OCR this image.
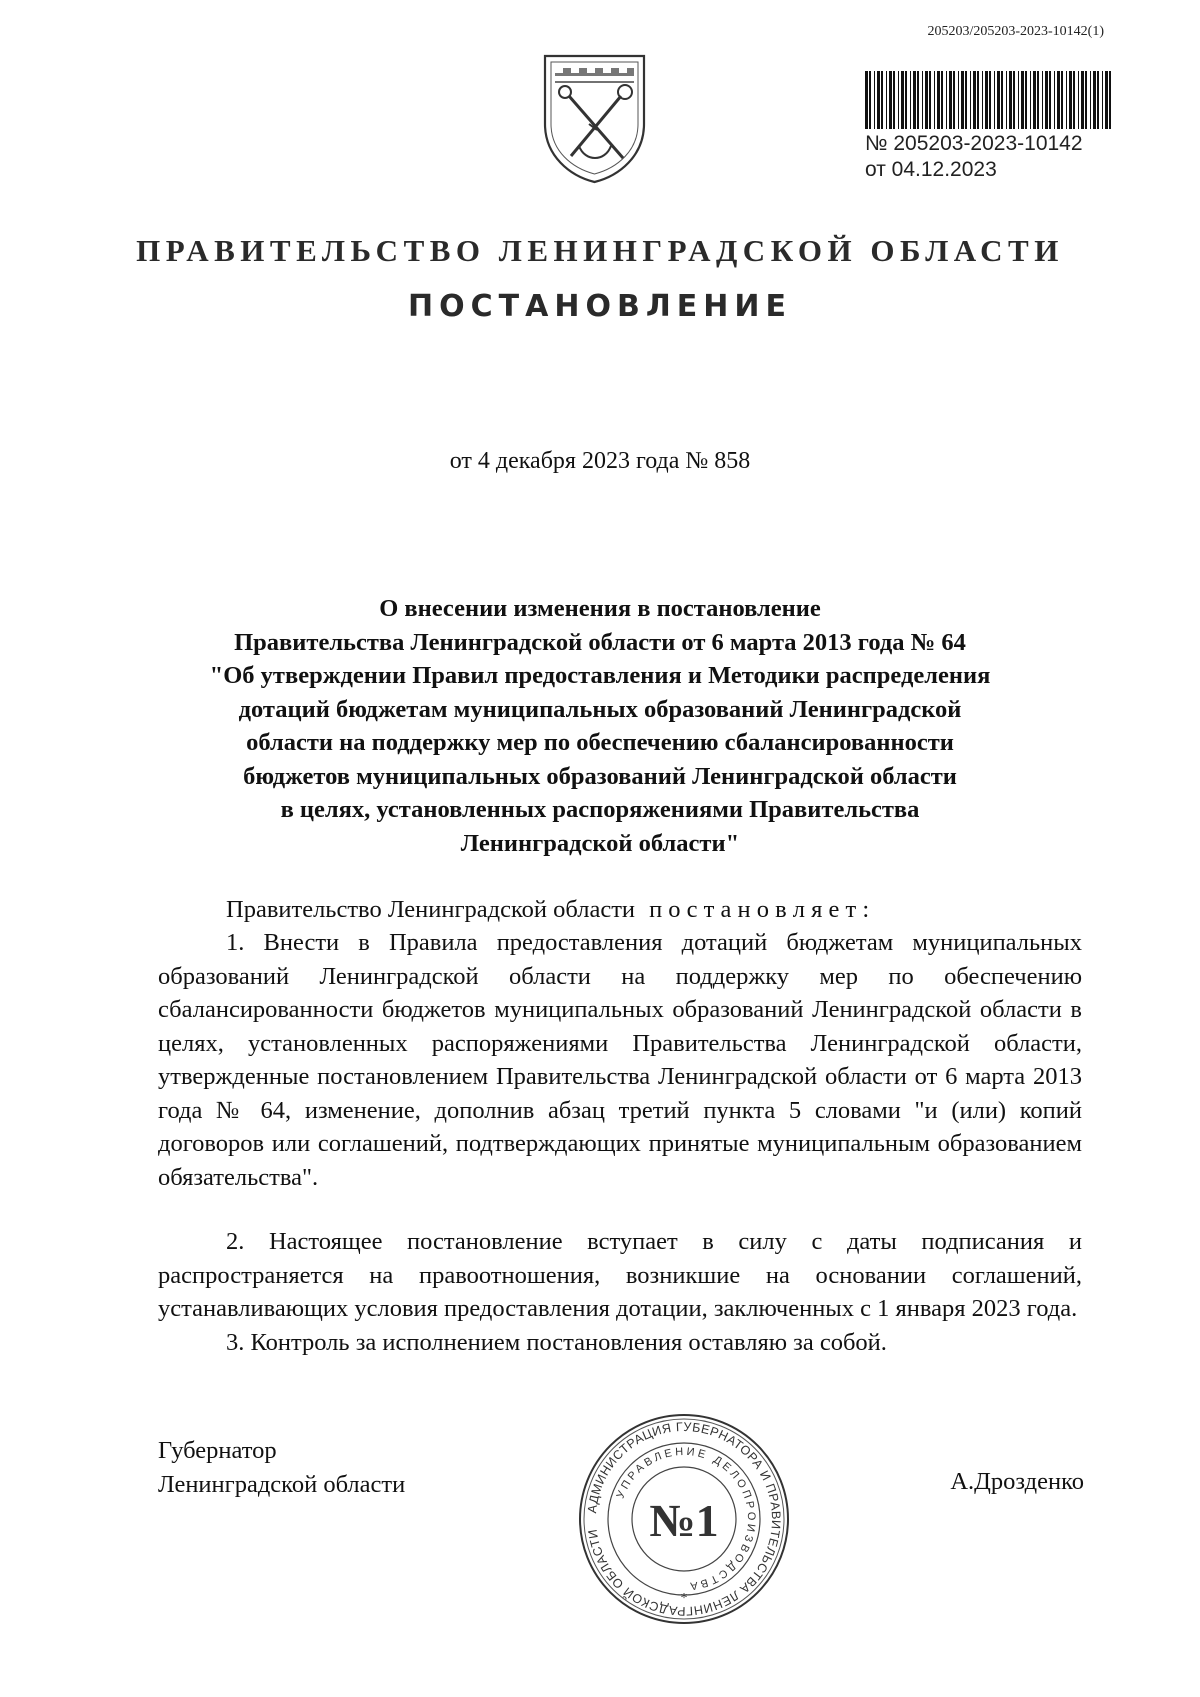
205203/205203-2023-10142(1)
№ 205203-2023-10142
от 04.12.2023
ПРАВИТЕЛЬСТВО ЛЕНИНГРАДСКОЙ ОБЛАСТИ
ПОСТАНОВЛЕНИЕ
от 4 декабря 2023 года № 858
О внесении изменения в постановление
Правительства Ленинградской области от 6 марта 2013 года № 64
"Об утверждении Правил предоставления и Методики распределения
дотаций бюджетам муниципальных образований Ленинградской
области на поддержку мер по обеспечению сбалансированности
бюджетов муниципальных образований Ленинградской области
в целях, установленных распоряжениями Правительства
Ленинградской области"
Правительство Ленинградской области п о с т а н о в л я е т :
1. Внести в Правила предоставления дотаций бюджетам муниципальных образований Ленинградской области на поддержку мер по обеспечению сбалансированности бюджетов муниципальных образований Ленинградской области в целях, установленных распоряжениями Правительства Ленинградской области, утвержденные постановлением Правительства Ленинградской области от 6 марта 2013 года № 64, изменение, дополнив абзац третий пункта 5 словами "и (или) копий договоров или соглашений, подтверждающих принятые муниципальным образованием обязательства".
2. Настоящее постановление вступает в силу с даты подписания и распространяется на правоотношения, возникшие на основании соглашений, устанавливающих условия предоставления дотации, заключенных с 1 января 2023 года.
3. Контроль за исполнением постановления оставляю за собой.
Губернатор
Ленинградской области	А.Дрозденко
АДМИНИСТРАЦИЯ ГУБЕРНАТОРА И ПРАВИТЕЛЬСТВА ЛЕНИНГРАДСКОЙ ОБЛАСТИ
УПРАВЛЕНИЕ ДЕЛОПРОИЗВОДСТВА
№1
*
